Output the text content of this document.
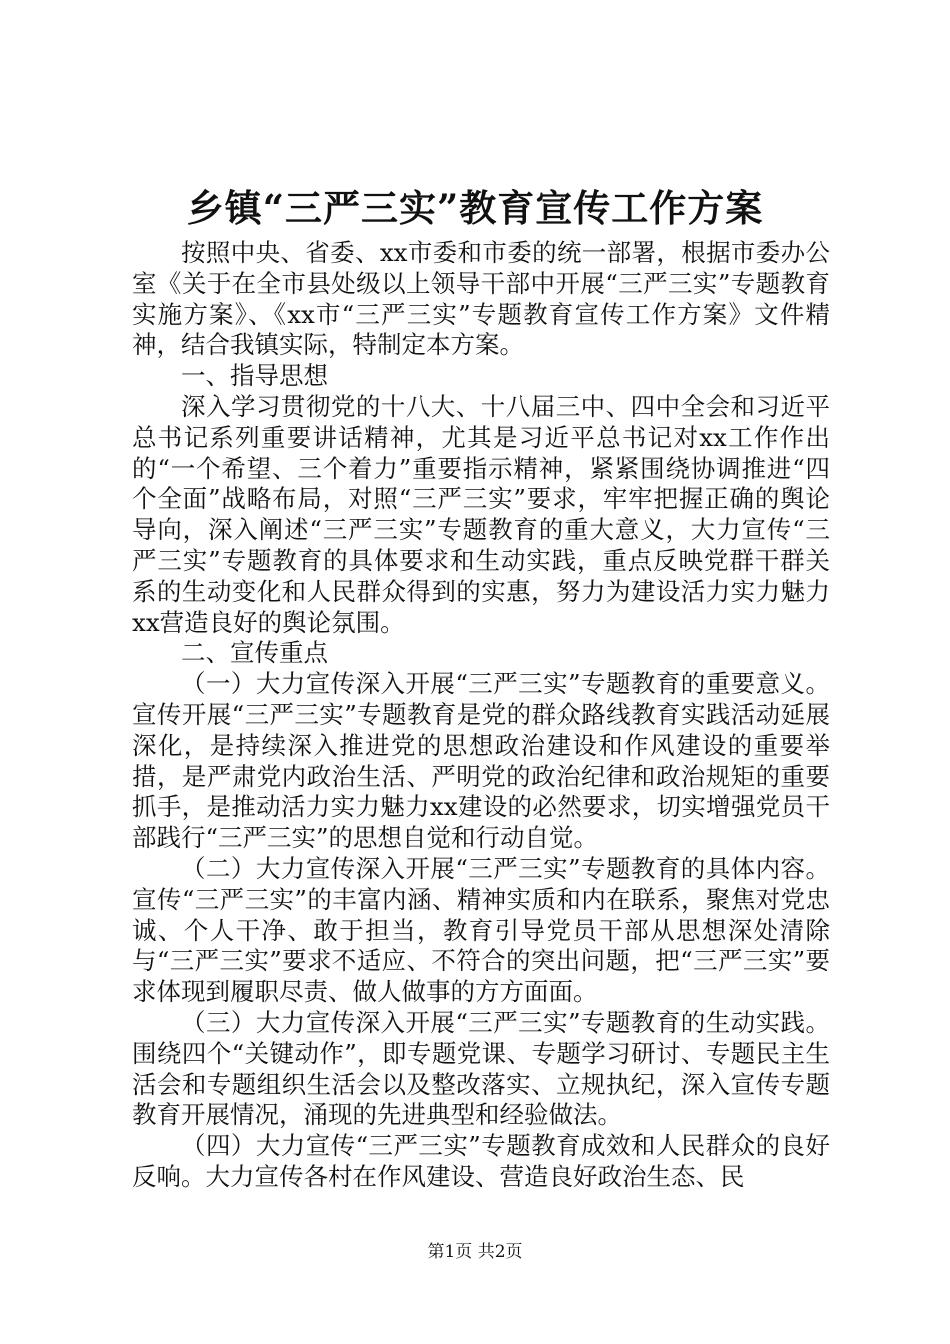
乡镇“三严三实”教育宣传工作方案

按照中央、省委、xx市委和市委的统一部署，根据市委办公室《关于在全市县处级以上领导干部中开展“三严三实”专题教育实施方案》、《xx市“三严三实”专题教育宣传工作方案》文件精神，结合我镇实际，特制定本方案。

一、指导思想

深入学习贯彻党的十八大、十八届三中、四中全会和习近平总书记系列重要讲话精神，尤其是习近平总书记对xx工作作出的“一个希望、三个着力”重要指示精神，紧紧围绕协调推进“四个全面”战略布局，对照“三严三实”要求，牢牢把握正确的舆论导向，深入阐述“三严三实”专题教育的重大意义，大力宣传“三严三实”专题教育的具体要求和生动实践，重点反映党群干群关系的生动变化和人民群众得到的实惠，努力为建设活力实力魅力xx营造良好的舆论氛围。

二、宣传重点

（一）大力宣传深入开展“三严三实”专题教育的重要意义。宣传开展“三严三实”专题教育是党的群众路线教育实践活动延展深化，是持续深入推进党的思想政治建设和作风建设的重要举措，是严肃党内政治生活、严明党的政治纪律和政治规矩的重要抓手，是推动活力实力魅力xx建设的必然要求，切实增强党员干部践行“三严三实”的思想自觉和行动自觉。

（二）大力宣传深入开展“三严三实”专题教育的具体内容。宣传“三严三实”的丰富内涵、精神实质和内在联系，聚焦对党忠诚、个人干净、敢于担当，教育引导党员干部从思想深处清除与“三严三实”要求不适应、不符合的突出问题，把“三严三实”要求体现到履职尽责、做人做事的方方面面。

（三）大力宣传深入开展“三严三实”专题教育的生动实践。围绕四个“关键动作”，即专题党课、专题学习研讨、专题民主生活会和专题组织生活会以及整改落实、立规执纪，深入宣传专题教育开展情况，涌现的先进典型和经验做法。

（四）大力宣传“三严三实”专题教育成效和人民群众的良好反响。大力宣传各村在作风建设、营造良好政治生态、民

第1页 共2页
